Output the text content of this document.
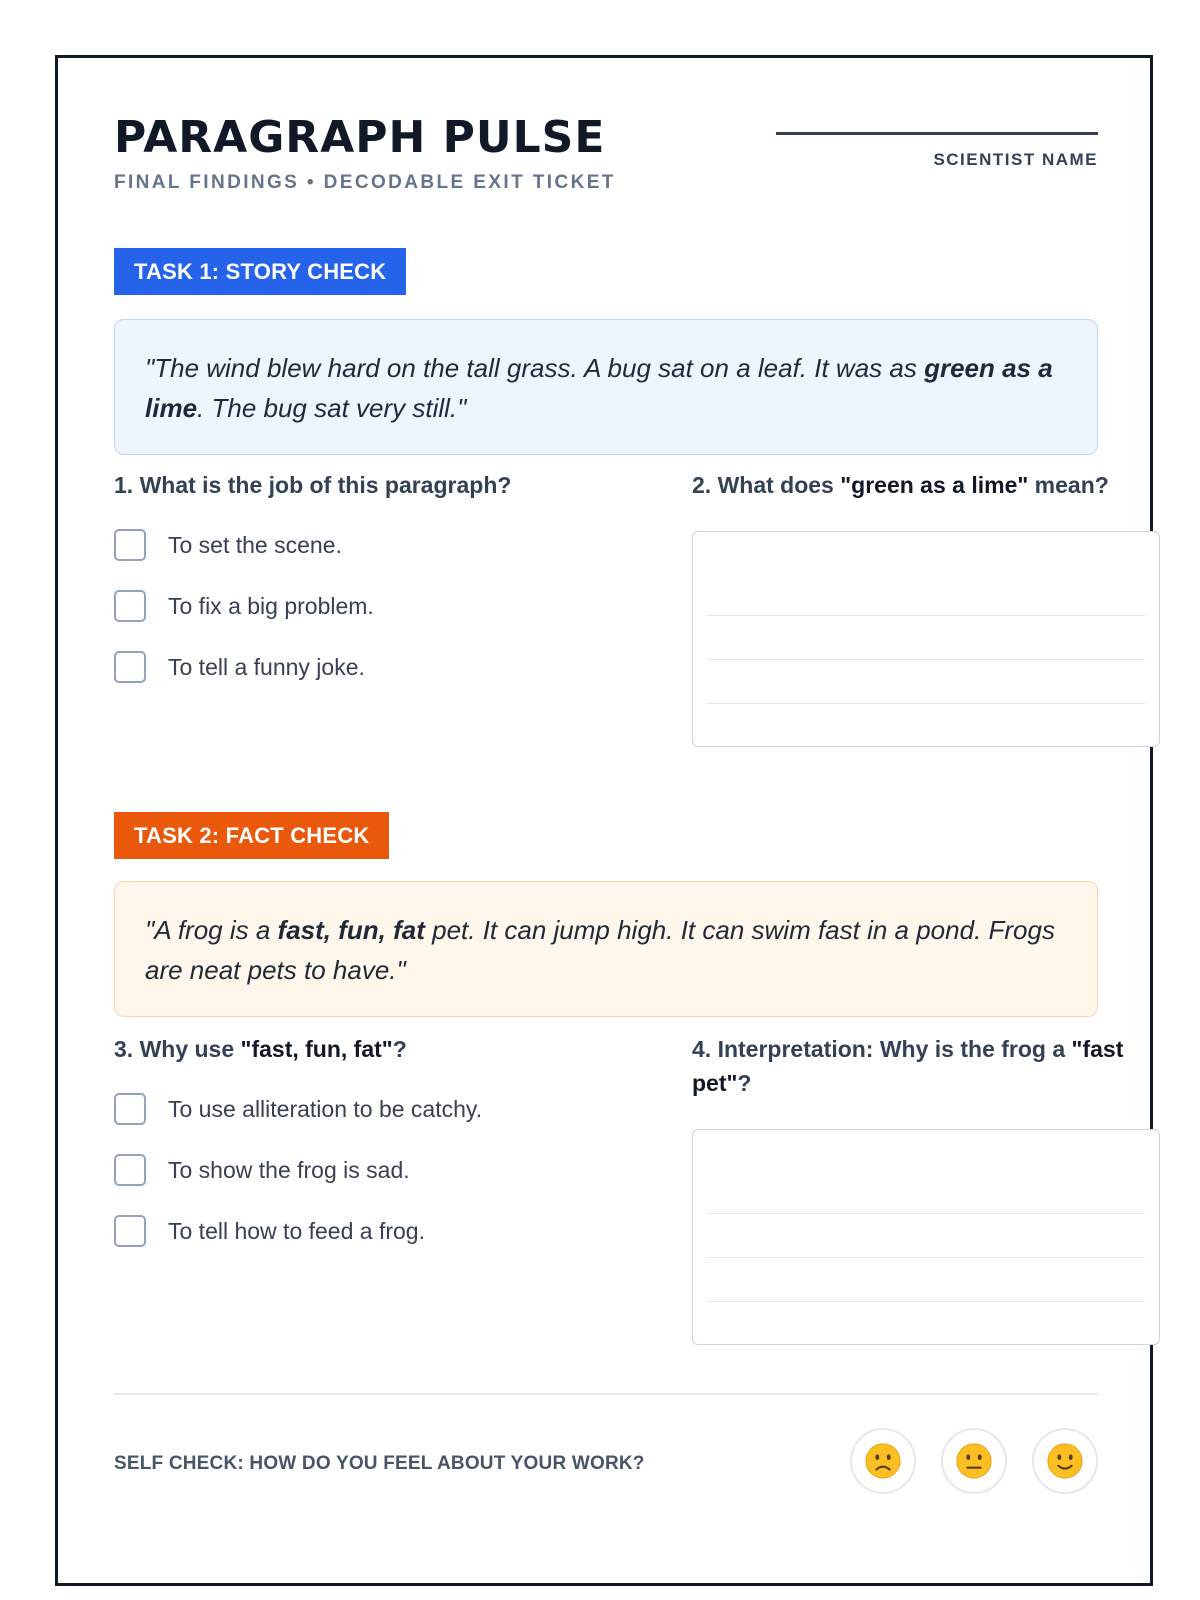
PARAGRAPH PULSE
FINAL FINDINGS • DECODABLE EXIT TICKET
SCIENTIST NAME
TASK 1: STORY CHECK
"The wind blew hard on the tall grass. A bug sat on a leaf. It was as green as a lime. The bug sat very still."
1. What is the job of this paragraph?
To set the scene.
To fix a big problem.
To tell a funny joke.
2. What does "green as a lime" mean?
TASK 2: FACT CHECK
"A frog is a fast, fun, fat pet. It can jump high. It can swim fast in a pond. Frogs are neat pets to have."
3. Why use "fast, fun, fat"?
To use alliteration to be catchy.
To show the frog is sad.
To tell how to feed a frog.
4. Interpretation: Why is the frog a "fast pet"?
SELF CHECK: HOW DO YOU FEEL ABOUT YOUR WORK?
